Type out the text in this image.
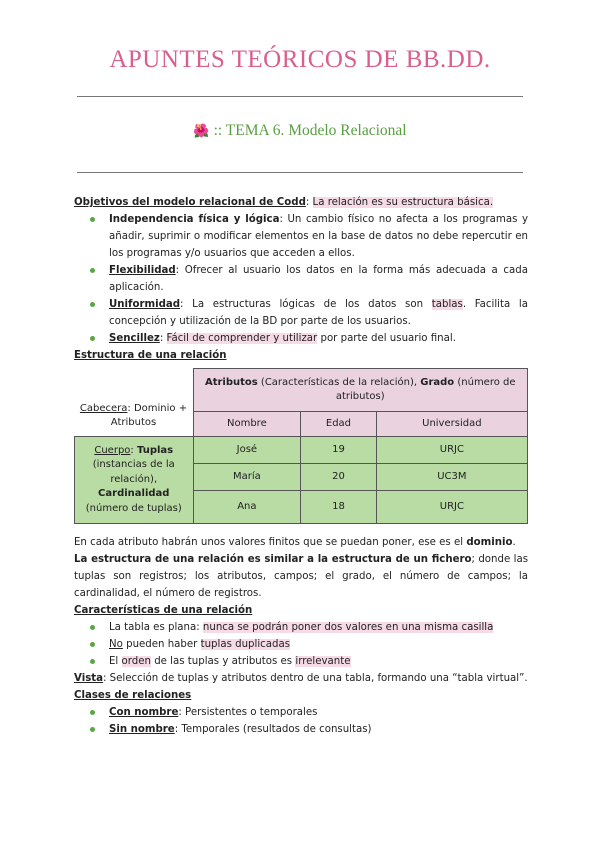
APUNTES TEÓRICOS DE BB.DD.
🌺 :: TEMA 6. Modelo Relacional

Objetivos del modelo relacional de Codd: La relación es su estructura básica.

Independencia física y lógica: Un cambio físico no afecta a los programas y añadir, suprimir o modificar elementos en la base de datos no debe repercutir en los programas y/o usuarios que acceden a ellos.
Flexibilidad: Ofrecer al usuario los datos en la forma más adecuada a cada aplicación.
Uniformidad: La estructuras lógicas de los datos son tablas. Facilita la concepción y utilización de la BD por parte de los usuarios.
Sencillez: Fácil de comprender y utilizar por parte del usuario final.

Estructura de una relación

Cabecera: Dominio + Atributos	Atributos (Características de la relación), Grado (número de atributos)		
	Nombre	Edad	Universidad
Cuerpo: Tuplas
(instancias de la relación),
Cardinalidad
(número de tuplas)	José	19	URJC
	María	20	UC3M
	Ana	18	URJC

En cada atributo habrán unos valores finitos que se puedan poner, ese es el dominio.

La estructura de una relación es similar a la estructura de un fichero; donde las tuplas son registros; los atributos, campos; el grado, el número de campos; la cardinalidad, el número de registros.

Características de una relación

La tabla es plana: nunca se podrán poner dos valores en una misma casilla
No pueden haber tuplas duplicadas
El orden de las tuplas y atributos es irrelevante

Vista: Selección de tuplas y atributos dentro de una tabla, formando una “tabla virtual”.

Clases de relaciones

Con nombre: Persistentes o temporales
Sin nombre: Temporales (resultados de consultas)
